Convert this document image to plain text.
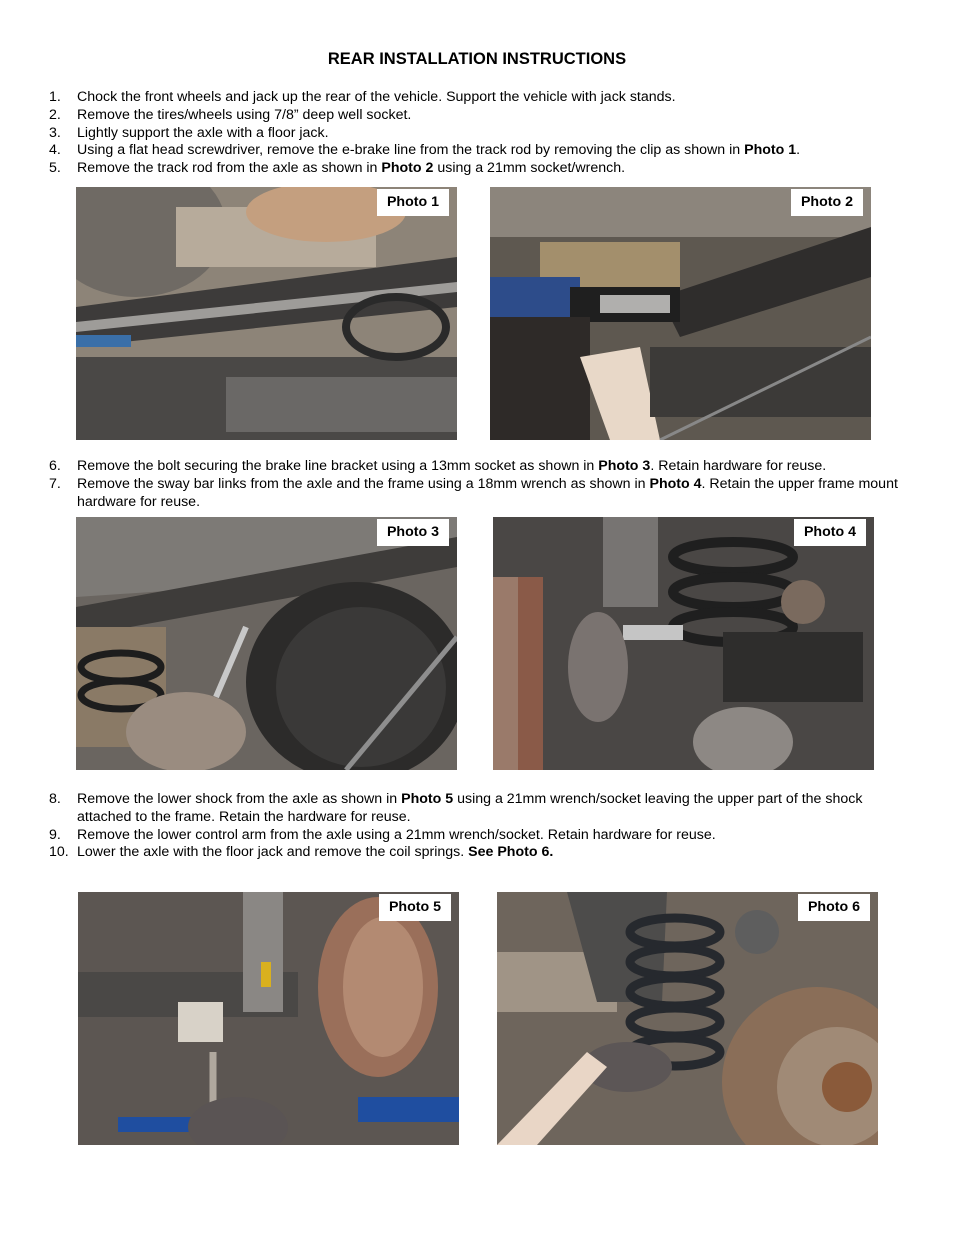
REAR INSTALLATION INSTRUCTIONS
1.	Chock the front wheels and jack up the rear of the vehicle. Support the vehicle with jack stands.
2.	Remove the tires/wheels using 7/8” deep well socket.
3.	Lightly support the axle with a floor jack.
4.	Using a flat head screwdriver, remove the e-brake line from the track rod by removing the clip as shown in Photo 1.
5.	Remove the track rod from the axle as shown in Photo 2 using a 21mm socket/wrench.
Photo 1	Photo 2
6.	Remove the bolt securing the brake line bracket using a 13mm socket as shown in Photo 3. Retain hardware for reuse.
7.	Remove the sway bar links from the axle and the frame using a 18mm wrench as shown in Photo 4. Retain the upper frame mount hardware for reuse.
Photo 3	Photo 4
8.	Remove the lower shock from the axle as shown in Photo 5 using a 21mm wrench/socket leaving the upper part of the shock attached to the frame. Retain the hardware for reuse.
9.	Remove the lower control arm from the axle using a 21mm wrench/socket. Retain hardware for reuse.
10. Lower the axle with the floor jack and remove the coil springs. See Photo 6.
Photo 5	Photo 6
